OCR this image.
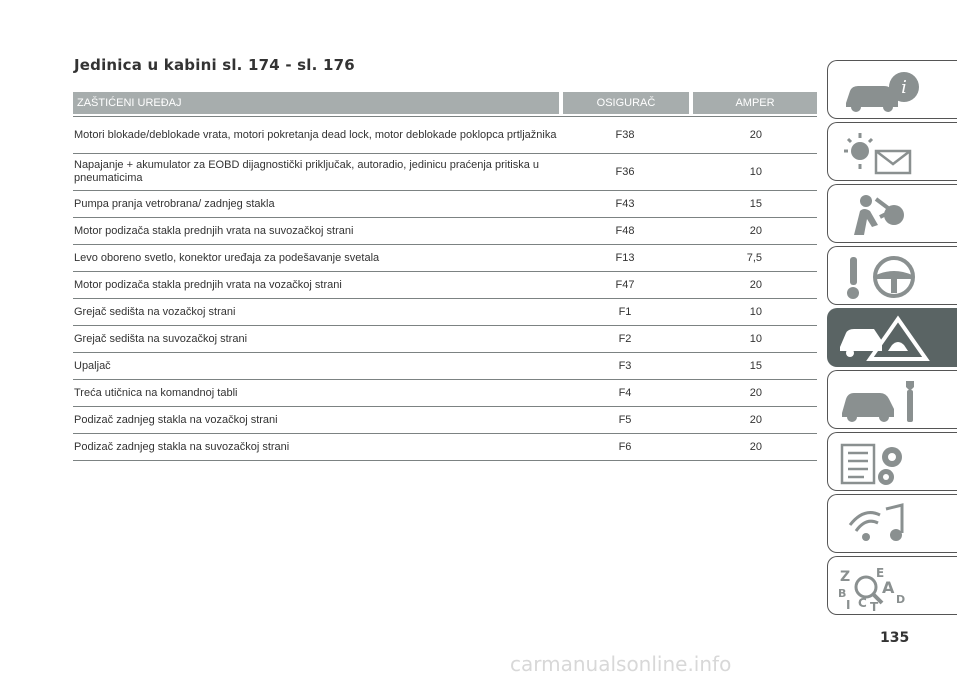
Jedinica u kabini sl. 174 - sl. 176
ZAŠTIĆENI UREĐAJ	OSIGURAČ	AMPER
Motori blokade/deblokade vrata, motori pokretanja dead lock, motor deblokade poklopca prtljažnika	F38	20
Napajanje + akumulator za EOBD dijagnostički priključak, autoradio, jedinicu praćenja pritiska u pneumaticima	F36	10
Pumpa pranja vetrobrana/ zadnjeg stakla	F43	15
Motor podizača stakla prednjih vrata na suvozačkoj strani	F48	20
Levo oboreno svetlo, konektor uređaja za podešavanje svetala	F13	7,5
Motor podizača stakla prednjih vrata na vozačkoj strani	F47	20
Grejač sedišta na vozačkoj strani	F1	10
Grejač sedišta na suvozačkoj strani	F2	10
Upaljač	F3	15
Treća utičnica na komandnoj tabli	F4	20
Podizač zadnjeg stakla na vozačkoj strani	F5	20
Podizač zadnjeg stakla na suvozačkoj strani	F6	20
135
carmanualsonline.info
i
Z E
B A
I C T
D
